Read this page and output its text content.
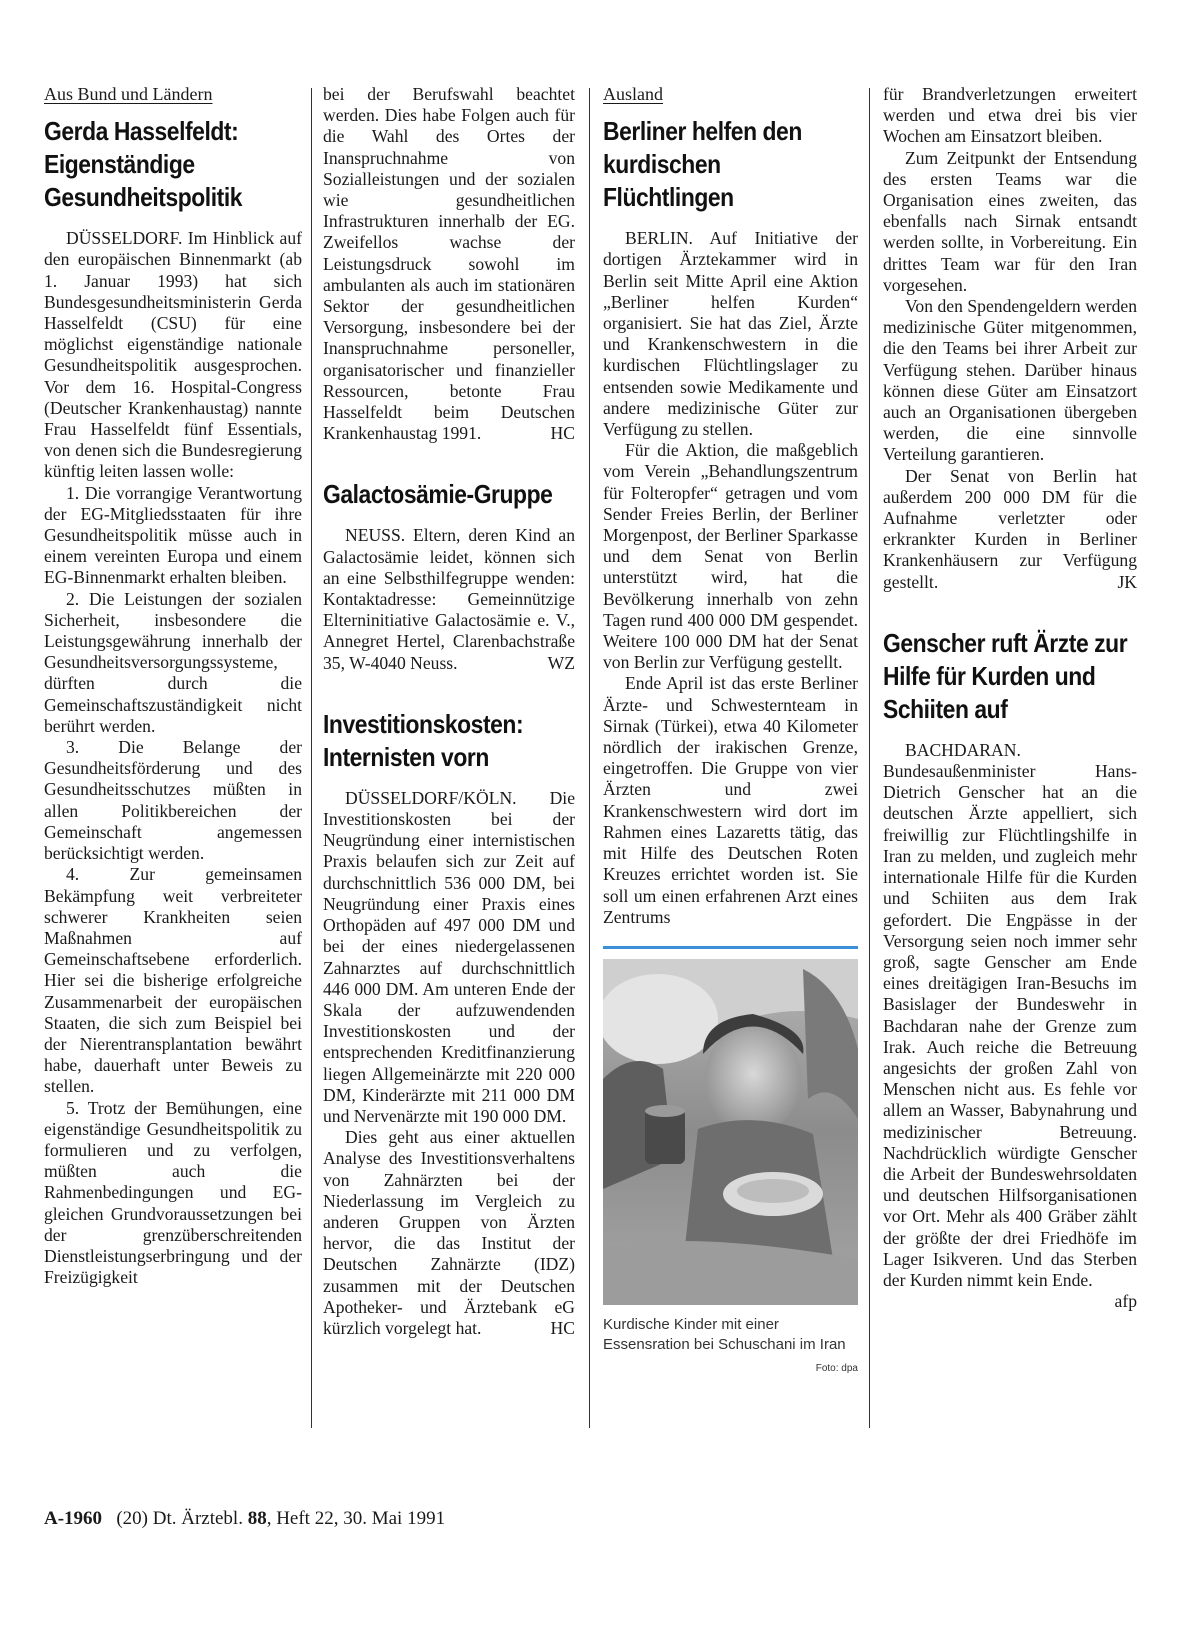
Aus Bund und Ländern
Gerda Hasselfeldt: Eigenständige Gesundheitspolitik

DÜSSELDORF. Im Hinblick auf den europäischen Binnenmarkt (ab 1. Januar 1993) hat sich Bundesgesundheitsministerin Gerda Hasselfeldt (CSU) für eine möglichst eigenständige nationale Gesundheitspolitik ausgesprochen. Vor dem 16. Hospital-Congress (Deutscher Krankenhaustag) nannte Frau Hasselfeldt fünf Essentials, von denen sich die Bundesregierung künftig leiten lassen wolle:

1. Die vorrangige Verantwortung der EG-Mitgliedsstaaten für ihre Gesundheitspolitik müsse auch in einem vereinten Europa und einem EG-Binnenmarkt erhalten bleiben.

2. Die Leistungen der sozialen Sicherheit, insbesondere die Leistungsgewährung innerhalb der Gesundheitsversorgungssysteme, dürften durch die Gemeinschaftszuständigkeit nicht berührt werden.

3. Die Belange der Gesundheitsförderung und des Gesundheitsschutzes müßten in allen Politikbereichen der Gemeinschaft angemessen berücksichtigt werden.

4. Zur gemeinsamen Bekämpfung weit verbreiteter schwerer Krankheiten seien Maßnahmen auf Gemeinschaftsebene erforderlich. Hier sei die bisherige erfolgreiche Zusammenarbeit der europäischen Staaten, die sich zum Beispiel bei der Nierentransplantation bewährt habe, dauerhaft unter Beweis zu stellen.

5. Trotz der Bemühungen, eine eigenständige Gesundheitspolitik zu formulieren und zu verfolgen, müßten auch die Rahmenbedingungen und EG-gleichen Grundvoraussetzungen bei der grenzüberschreitenden Dienstleistungserbringung und der Freizügigkeit

bei der Berufswahl beachtet werden. Dies habe Folgen auch für die Wahl des Ortes der Inanspruchnahme von Sozialleistungen und der sozialen wie gesundheitlichen Infrastrukturen innerhalb der EG. Zweifellos wachse der Leistungsdruck sowohl im ambulanten als auch im stationären Sektor der gesundheitlichen Versorgung, insbesondere bei der Inanspruchnahme personeller, organisatorischer und finanzieller Ressourcen, betonte Frau Hasselfeldt beim Deutschen Krankenhaustag 1991.	HC

Galactosämie-Gruppe

NEUSS. Eltern, deren Kind an Galactosämie leidet, können sich an eine Selbsthilfegruppe wenden: Kontaktadresse: Gemeinnützige Elterninitiative Galactosämie e. V., Annegret Hertel, Clarenbachstraße 35, W-4040 Neuss.	WZ

Investitionskosten: Internisten vorn

DÜSSELDORF/KÖLN. Die Investitionskosten bei der Neugründung einer internistischen Praxis belaufen sich zur Zeit auf durchschnittlich 536 000 DM, bei Neugründung einer Praxis eines Orthopäden auf 497 000 DM und bei der eines niedergelassenen Zahnarztes auf durchschnittlich 446 000 DM. Am unteren Ende der Skala der aufzuwendenden Investitionskosten und der entsprechenden Kreditfinanzierung liegen Allgemeinärzte mit 220 000 DM, Kinderärzte mit 211 000 DM und Nervenärzte mit 190 000 DM.

Dies geht aus einer aktuellen Analyse des Investitionsverhaltens von Zahnärzten bei der Niederlassung im Vergleich zu anderen Gruppen von Ärzten hervor, die das Institut der Deutschen Zahnärzte (IDZ) zusammen mit der Deutschen Apotheker- und Ärztebank eG kürzlich vorgelegt hat.	HC

Ausland
Berliner helfen den kurdischen Flüchtlingen

BERLIN. Auf Initiative der dortigen Ärztekammer wird in Berlin seit Mitte April eine Aktion „Berliner helfen Kurden“ organisiert. Sie hat das Ziel, Ärzte und Krankenschwestern in die kurdischen Flüchtlingslager zu entsenden sowie Medikamente und andere medizinische Güter zur Verfügung zu stellen.

Für die Aktion, die maßgeblich vom Verein „Behandlungszentrum für Folteropfer“ getragen und vom Sender Freies Berlin, der Berliner Morgenpost, der Berliner Sparkasse und dem Senat von Berlin unterstützt wird, hat die Bevölkerung innerhalb von zehn Tagen rund 400 000 DM gespendet. Weitere 100 000 DM hat der Senat von Berlin zur Verfügung gestellt.

Ende April ist das erste Berliner Ärzte- und Schwesternteam in Sirnak (Türkei), etwa 40 Kilometer nördlich der irakischen Grenze, eingetroffen. Die Gruppe von vier Ärzten und zwei Krankenschwestern wird dort im Rahmen eines Lazaretts tätig, das mit Hilfe des Deutschen Roten Kreuzes errichtet worden ist. Sie soll um einen erfahrenen Arzt eines Zentrums

Kurdische Kinder mit einer Essensration bei Schuschani im Iran
Foto: dpa

für Brandverletzungen erweitert werden und etwa drei bis vier Wochen am Einsatzort bleiben.

Zum Zeitpunkt der Entsendung des ersten Teams war die Organisation eines zweiten, das ebenfalls nach Sirnak entsandt werden sollte, in Vorbereitung. Ein drittes Team war für den Iran vorgesehen.

Von den Spendengeldern werden medizinische Güter mitgenommen, die den Teams bei ihrer Arbeit zur Verfügung stehen. Darüber hinaus können diese Güter am Einsatzort auch an Organisationen übergeben werden, die eine sinnvolle Verteilung garantieren.

Der Senat von Berlin hat außerdem 200 000 DM für die Aufnahme verletzter oder erkrankter Kurden in Berliner Krankenhäusern zur Verfügung gestellt.	JK

Genscher ruft Ärzte zur Hilfe für Kurden und Schiiten auf

BACHDARAN. Bundesaußenminister Hans-Dietrich Genscher hat an die deutschen Ärzte appelliert, sich freiwillig zur Flüchtlingshilfe in Iran zu melden, und zugleich mehr internationale Hilfe für die Kurden und Schiiten aus dem Irak gefordert. Die Engpässe in der Versorgung seien noch immer sehr groß, sagte Genscher am Ende eines dreitägigen Iran-Besuchs im Basislager der Bundeswehr in Bachdaran nahe der Grenze zum Irak. Auch reiche die Betreuung angesichts der großen Zahl von Menschen nicht aus. Es fehle vor allem an Wasser, Babynahrung und medizinischer Betreuung. Nachdrücklich würdigte Genscher die Arbeit der Bundeswehrsoldaten und deutschen Hilfsorganisationen vor Ort. Mehr als 400 Gräber zählt der größte der drei Friedhöfe im Lager Isikveren. Und das Sterben der Kurden nimmt kein Ende.
afp

A-1960 (20) Dt. Ärztebl. 88, Heft 22, 30. Mai 1991
